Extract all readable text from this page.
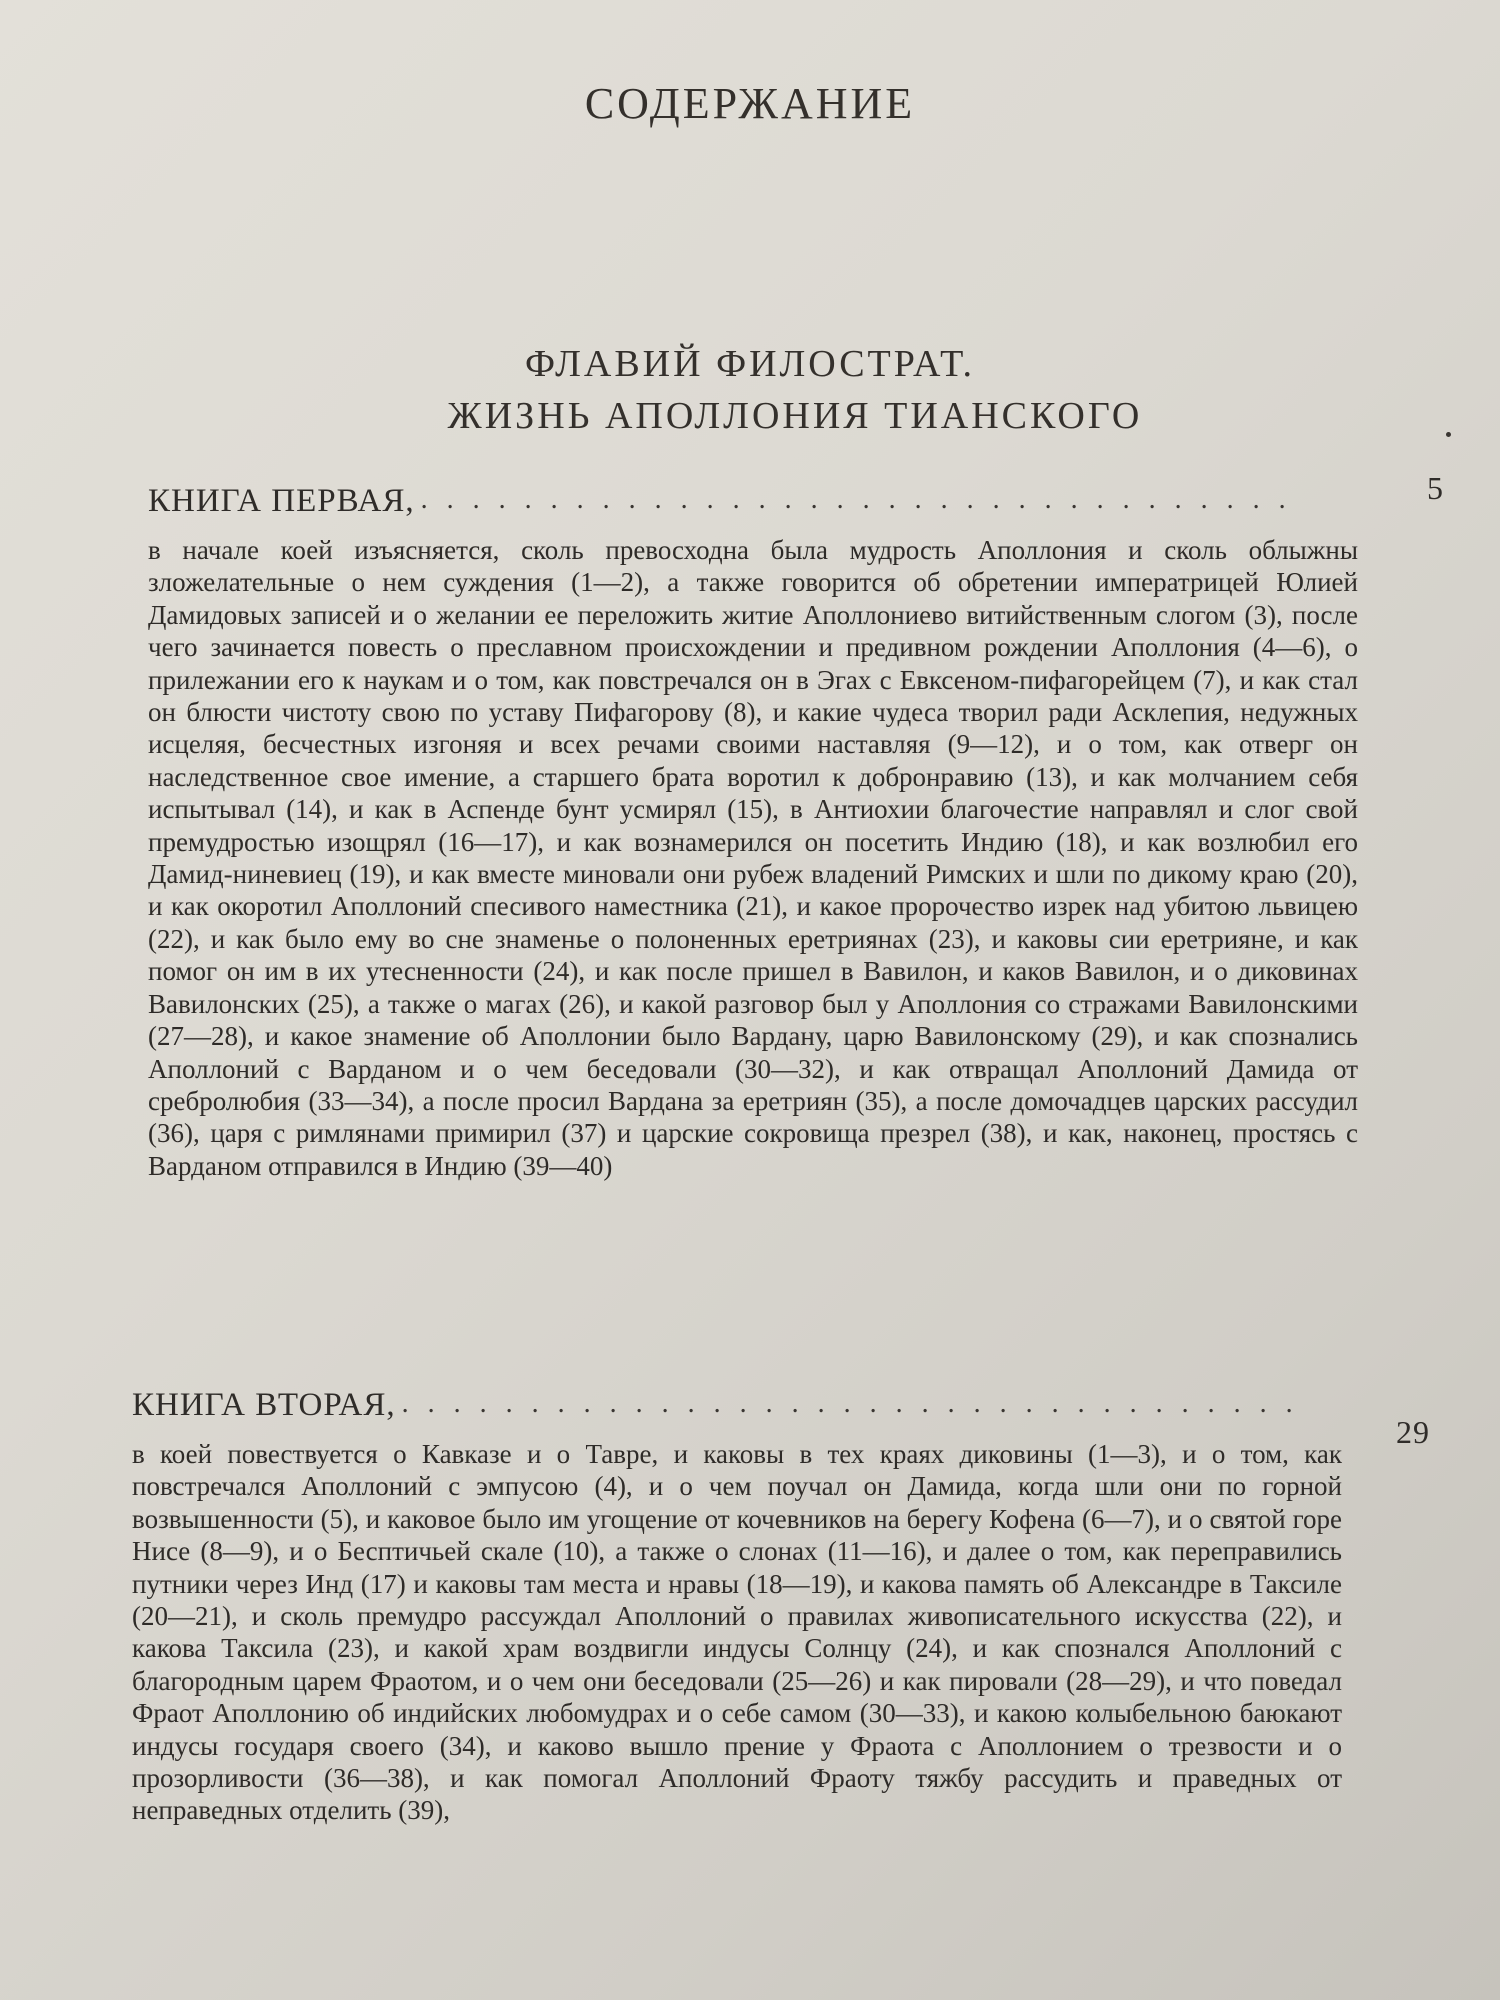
СОДЕРЖАНИЕ
ФЛАВИЙ ФИЛОСТРАТ.
ЖИЗНЬ АПОЛЛОНИЯ ТИАНСКОГО
КНИГА ПЕРВАЯ, . . . . . . . . . . . . . . . . . . . . . . . . . . . . . . . . . .	5

в начале коей изъясняется, сколь превосходна была мудрость Аполлония и сколь облыжны зложелательные о нем суждения (1—2), а также говорится об обретении императрицей Юлией Дамидовых записей и о желании ее переложить житие Аполлониево витийственным слогом (3), после чего зачинается повесть о преславном происхождении и предивном рождении Аполлония (4—6), о прилежании его к наукам и о том, как повстречался он в Эгах с Евксеном-пифагорейцем (7), и как стал он блюсти чистоту свою по уставу Пифагорову (8), и какие чудеса творил ради Асклепия, недужных исцеляя, бесчестных изгоняя и всех речами своими наставляя (9—12), и о том, как отверг он наследственное свое имение, а старшего брата воротил к добронравию (13), и как молчанием себя испытывал (14), и как в Аспенде бунт усмирял (15), в Антиохии благочестие направлял и слог свой премудростью изощрял (16—17), и как вознамерился он посетить Индию (18), и как возлюбил его Дамид-ниневиец (19), и как вместе миновали они рубеж владений Римских и шли по дикому краю (20), и как окоротил Аполлоний спесивого наместника (21), и какое пророчество изрек над убитою львицею (22), и как было ему во сне знаменье о полоненных еретриянах (23), и каковы сии еретрияне, и как помог он им в их утесненности (24), и как после пришел в Вавилон, и каков Вавилон, и о диковинах Вавилонских (25), а также о магах (26), и какой разговор был у Аполлония со стражами Вавилонскими (27—28), и какое знамение об Аполлонии было Вардану, царю Вавилонскому (29), и как спознались Аполлоний с Варданом и о чем беседовали (30—32), и как отвращал Аполлоний Дамида от сребролюбия (33—34), а после просил Вардана за еретриян (35), а после домочадцев царских рассудил (36), царя с римлянами примирил (37) и царские сокровища презрел (38), и как, наконец, простясь с Варданом отправился в Индию (39—40)

КНИГА ВТОРАЯ, . . . . . . . . . . . . . . . . . . . . . . . . . . . . . . . . . . .
29

в коей повествуется о Кавказе и о Тавре, и каковы в тех краях диковины (1—3), и о том, как повстречался Аполлоний с эмпусою (4), и о чем поучал он Дамида, когда шли они по горной возвышенности (5), и каковое было им угощение от кочевников на берегу Кофена (6—7), и о святой горе Нисе (8—9), и о Бесптичьей скале (10), а также о слонах (11—16), и далее о том, как переправились путники через Инд (17) и каковы там места и нравы (18—19), и какова память об Александре в Таксиле (20—21), и сколь премудро рассуждал Аполлоний о правилах живописательного искусства (22), и какова Таксила (23), и какой храм воздвигли индусы Солнцу (24), и как спознался Аполлоний с благородным царем Фраотом, и о чем они беседовали (25—26) и как пировали (28—29), и что поведал Фраот Аполлонию об индийских любомудрах и о себе самом (30—33), и какою колыбельною баюкают индусы государя своего (34), и каково вышло прение у Фраота с Аполлонием о трезвости и о прозорливости (36—38), и как помогал Аполлоний Фраоту тяжбу рассудить и праведных от неправедных отделить (39),
